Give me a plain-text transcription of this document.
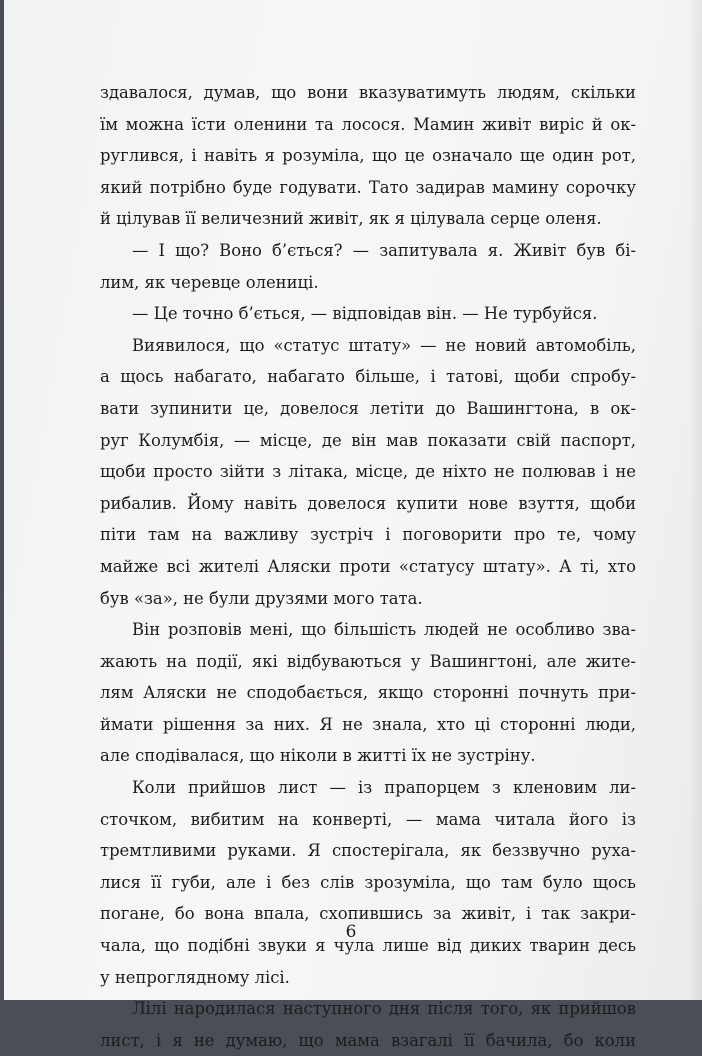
здавалося, думав, що вони вказуватимуть людям, скільки
їм можна їсти оленини та лосося. Мамин живіт виріс й ок-
руглився, і навіть я розуміла, що це означало ще один рот,
який потрібно буде годувати. Тато задирав мамину сорочку
й цілував її величезний живіт, як я цілувала серце оленя.
— І що? Воно б’ється? — запитувала я. Живіт був бі-
лим, як черевце олениці.
— Це точно б’ється, — відповідав він. — Не турбуйся.
Виявилося, що «статус штату» — не новий автомобіль,
а щось набагато, набагато більше, і татові, щоби спробу-
вати зупинити це, довелося летіти до Вашингтона, в ок-
руг Колумбія, — місце, де він мав показати свій паспорт,
щоби просто зійти з літака, місце, де ніхто не полював і не
рибалив. Йому навіть довелося купити нове взуття, щоби
піти там на важливу зустріч і поговорити про те, чому
майже всі жителі Аляски проти «статусу штату». А ті, хто
був «за», не були друзями мого тата.
Він розповів мені, що більшість людей не особливо зва-
жають на події, які відбуваються у Вашингтоні, але жите-
лям Аляски не сподобається, якщо сторонні почнуть при-
ймати рішення за них. Я не знала, хто ці сторонні люди,
але сподівалася, що ніколи в житті їх не зустріну.
Коли прийшов лист — із прапорцем з кленовим ли-
сточком, вибитим на конверті, — мама читала його із
тремтливими руками. Я спостерігала, як беззвучно руха-
лися її губи, але і без слів зрозуміла, що там було щось
погане, бо вона впала, схопившись за живіт, і так закри-
чала, що подібні звуки я чула лише від диких тварин десь
у непроглядному лісі.
Лілі народилася наступного дня після того, як прийшов
лист, і я не думаю, що мама взагалі її бачила, бо коли
6
